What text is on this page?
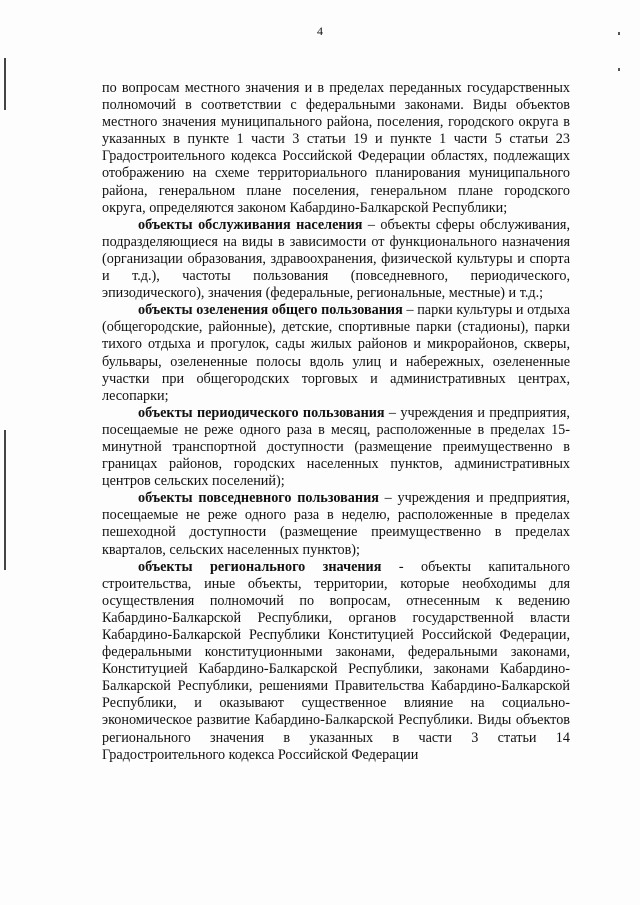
4

по вопросам местного значения и в пределах переданных государственных полномочий в соответствии с федеральными законами. Виды объектов местного значения муниципального района, поселения, городского округа в указанных в пункте 1 части 3 статьи 19 и пункте 1 части 5 статьи 23 Градостроительного кодекса Российской Федерации областях, подлежащих отображению на схеме территориального планирования муниципального района, генеральном плане поселения, генеральном плане городского округа, определяются законом Кабардино-Балкарской Республики;

объекты обслуживания населения – объекты сферы обслуживания, подразделяющиеся на виды в зависимости от функционального назначения (организации образования, здравоохранения, физической культуры и спорта и т.д.), частоты пользования (повседневного, периодического, эпизодического), значения (федеральные, региональные, местные) и т.д.;

объекты озеленения общего пользования – парки культуры и отдыха (общегородские, районные), детские, спортивные парки (стадионы), парки тихого отдыха и прогулок, сады жилых районов и микрорайонов, скверы, бульвары, озелененные полосы вдоль улиц и набережных, озелененные участки при общегородских торговых и административных центрах, лесопарки;

объекты периодического пользования – учреждения и предприятия, посещаемые не реже одного раза в месяц, расположенные в пределах 15-минутной транспортной доступности (размещение преимущественно в границах районов, городских населенных пунктов, административных центров сельских поселений);

объекты повседневного пользования – учреждения и предприятия, посещаемые не реже одного раза в неделю, расположенные в пределах пешеходной доступности (размещение преимущественно в пределах кварталов, сельских населенных пунктов);

объекты регионального значения - объекты капитального строительства, иные объекты, территории, которые необходимы для осуществления полномочий по вопросам, отнесенным к ведению Кабардино-Балкарской Республики, органов государственной власти Кабардино-Балкарской Республики Конституцией Российской Федерации, федеральными конституционными законами, федеральными законами, Конституцией Кабардино-Балкарской Республики, законами Кабардино-Балкарской Республики, решениями Правительства Кабардино-Балкарской Республики, и оказывают существенное влияние на социально-экономическое развитие Кабардино-Балкарской Республики. Виды объектов регионального значения в указанных в части 3 статьи 14 Градостроительного кодекса Российской Федерации
